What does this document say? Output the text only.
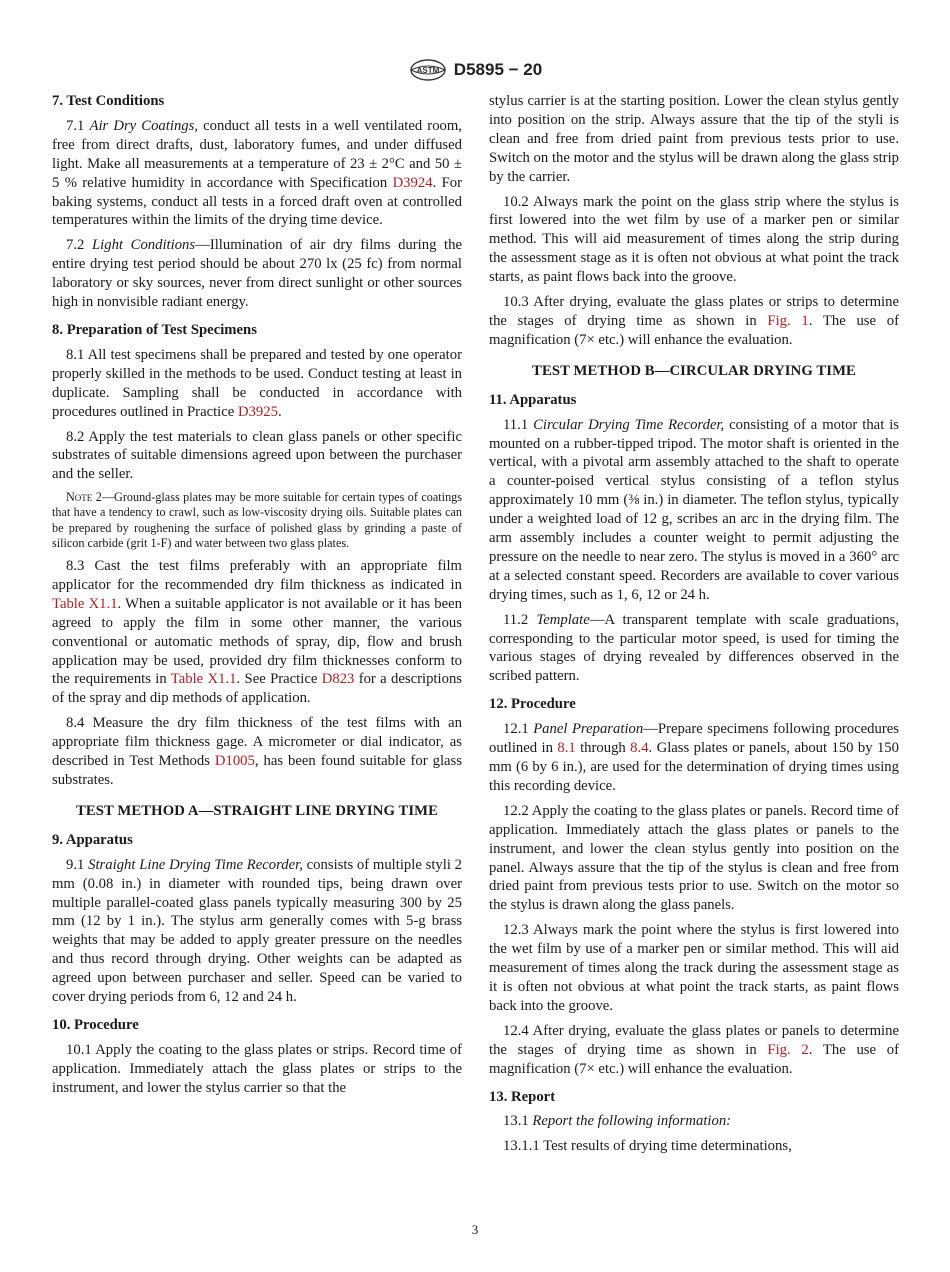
ASTM D5895 − 20
7. Test Conditions

7.1 Air Dry Coatings, conduct all tests in a well ventilated room, free from direct drafts, dust, laboratory fumes, and under diffused light. Make all measurements at a temperature of 23 ± 2°C and 50 ± 5 % relative humidity in accordance with Specification D3924. For baking systems, conduct all tests in a forced draft oven at controlled temperatures within the limits of the drying time device.

7.2 Light Conditions—Illumination of air dry films during the entire drying test period should be about 270 lx (25 fc) from normal laboratory or sky sources, never from direct sunlight or other sources high in nonvisible radiant energy.

8. Preparation of Test Specimens

8.1 All test specimens shall be prepared and tested by one operator properly skilled in the methods to be used. Conduct testing at least in duplicate. Sampling shall be conducted in accordance with procedures outlined in Practice D3925.

8.2 Apply the test materials to clean glass panels or other specific substrates of suitable dimensions agreed upon between the purchaser and the seller.

Note 2—Ground-glass plates may be more suitable for certain types of coatings that have a tendency to crawl, such as low-viscosity drying oils. Suitable plates can be prepared by roughening the surface of polished glass by grinding a paste of silicon carbide (grit 1-F) and water between two glass plates.

8.3 Cast the test films preferably with an appropriate film applicator for the recommended dry film thickness as indicated in Table X1.1. When a suitable applicator is not available or it has been agreed to apply the film in some other manner, the various conventional or automatic methods of spray, dip, flow and brush application may be used, provided dry film thicknesses conform to the requirements in Table X1.1. See Practice D823 for a descriptions of the spray and dip methods of application.

8.4 Measure the dry film thickness of the test films with an appropriate film thickness gage. A micrometer or dial indicator, as described in Test Methods D1005, has been found suitable for glass substrates.

TEST METHOD A—STRAIGHT LINE DRYING TIME
9. Apparatus

9.1 Straight Line Drying Time Recorder, consists of multiple styli 2 mm (0.08 in.) in diameter with rounded tips, being drawn over multiple parallel-coated glass panels typically measuring 300 by 25 mm (12 by 1 in.). The stylus arm generally comes with 5-g brass weights that may be added to apply greater pressure on the needles and thus record through drying. Other weights can be adapted as agreed upon between purchaser and seller. Speed can be varied to cover drying periods from 6, 12 and 24 h.

10. Procedure

10.1 Apply the coating to the glass plates or strips. Record time of application. Immediately attach the glass plates or strips to the instrument, and lower the stylus carrier so that the

stylus carrier is at the starting position. Lower the clean stylus gently into position on the strip. Always assure that the tip of the styli is clean and free from dried paint from previous tests prior to use. Switch on the motor and the stylus will be drawn along the glass strip by the carrier.

10.2 Always mark the point on the glass strip where the stylus is first lowered into the wet film by use of a marker pen or similar method. This will aid measurement of times along the strip during the assessment stage as it is often not obvious at what point the track starts, as paint flows back into the groove.

10.3 After drying, evaluate the glass plates or strips to determine the stages of drying time as shown in Fig. 1. The use of magnification (7× etc.) will enhance the evaluation.

TEST METHOD B—CIRCULAR DRYING TIME
11. Apparatus

11.1 Circular Drying Time Recorder, consisting of a motor that is mounted on a rubber-tipped tripod. The motor shaft is oriented in the vertical, with a pivotal arm assembly attached to the shaft to operate a counter-poised vertical stylus consisting of a teflon stylus approximately 10 mm (⅜ in.) in diameter. The teflon stylus, typically under a weighted load of 12 g, scribes an arc in the drying film. The arm assembly includes a counter weight to permit adjusting the pressure on the needle to near zero. The stylus is moved in a 360° arc at a selected constant speed. Recorders are available to cover various drying times, such as 1, 6, 12 or 24 h.

11.2 Template—A transparent template with scale graduations, corresponding to the particular motor speed, is used for timing the various stages of drying revealed by differences observed in the scribed pattern.

12. Procedure

12.1 Panel Preparation—Prepare specimens following procedures outlined in 8.1 through 8.4. Glass plates or panels, about 150 by 150 mm (6 by 6 in.), are used for the determination of drying times using this recording device.

12.2 Apply the coating to the glass plates or panels. Record time of application. Immediately attach the glass plates or panels to the instrument, and lower the clean stylus gently into position on the panel. Always assure that the tip of the stylus is clean and free from dried paint from previous tests prior to use. Switch on the motor so the stylus is drawn along the glass panels.

12.3 Always mark the point where the stylus is first lowered into the wet film by use of a marker pen or similar method. This will aid measurement of times along the track during the assessment stage as it is often not obvious at what point the track starts, as paint flows back into the groove.

12.4 After drying, evaluate the glass plates or panels to determine the stages of drying time as shown in Fig. 2. The use of magnification (7× etc.) will enhance the evaluation.

13. Report

13.1 Report the following information:

13.1.1 Test results of drying time determinations,

3
